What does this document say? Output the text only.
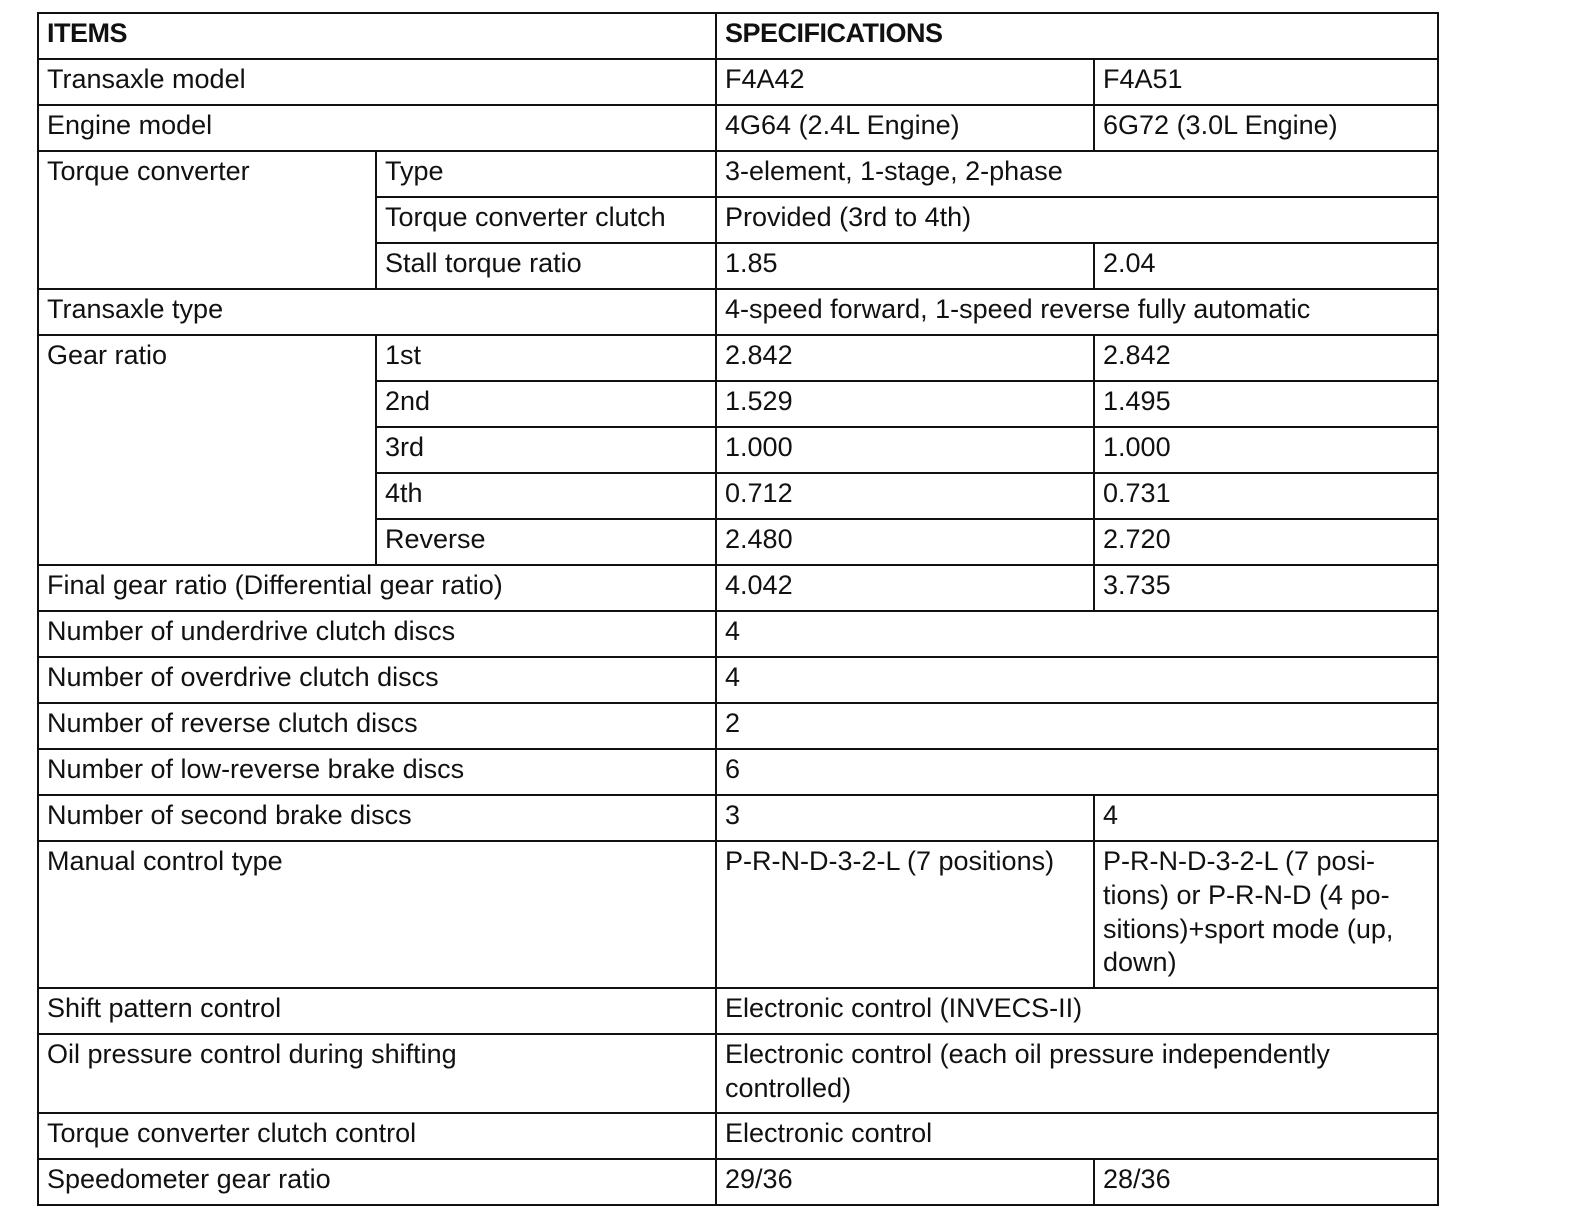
ITEMS		SPECIFICATIONS	
Transaxle model		F4A42	F4A51
Engine model		4G64 (2.4L Engine)	6G72 (3.0L Engine)
Torque converter	Type	3-element, 1-stage, 2-phase	
	Torque converter clutch	Provided (3rd to 4th)	
	Stall torque ratio	1.85	2.04
Transaxle type		4-speed forward, 1-speed reverse fully automatic	
Gear ratio	1st	2.842	2.842
	2nd	1.529	1.495
	3rd	1.000	1.000
	4th	0.712	0.731
	Reverse	2.480	2.720
Final gear ratio (Differential gear ratio)		4.042	3.735
Number of underdrive clutch discs		4	
Number of overdrive clutch discs		4	
Number of reverse clutch discs		2	
Number of low-reverse brake discs		6	
Number of second brake discs		3	4
Manual control type		P-R-N-D-3-2-L (7 positions)	P-R-N-D-3-2-L (7 posi-tions) or P-R-N-D (4 po-sitions)+sport mode (up, down)
Shift pattern control		Electronic control (INVECS-II)	
Oil pressure control during shifting		Electronic control (each oil pressure independently controlled)	
Torque converter clutch control		Electronic control	
Speedometer gear ratio		29/36	28/36
